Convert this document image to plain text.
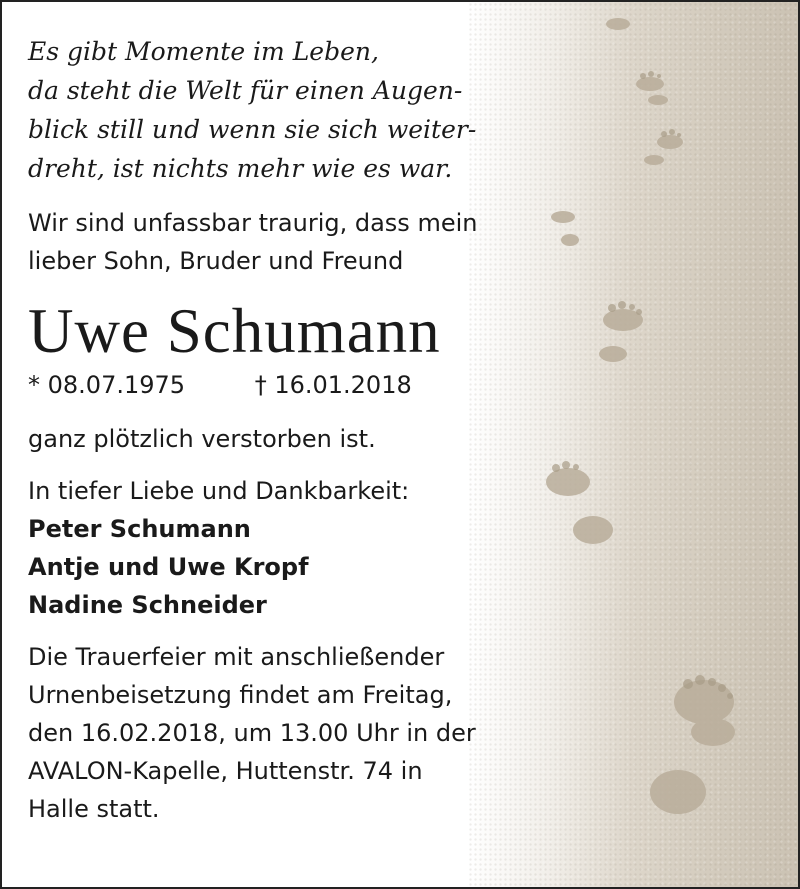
Es gibt Momente im Leben,
da steht die Welt für einen Augen-
blick still und wenn sie sich weiter-
dreht, ist nichts mehr wie es war.

Wir sind unfassbar traurig, dass mein
lieber Sohn, Bruder und Freund
Uwe Schumann
* 08.07.1975	† 16.01.2018
ganz plötzlich verstorben ist.
In tiefer Liebe und Dankbarkeit:
Peter Schumann
Antje und Uwe Kropf
Nadine Schneider
Die Trauerfeier mit anschließender
Urnenbeisetzung findet am Freitag,
den 16.02.2018, um 13.00 Uhr in der
AVALON-Kapelle, Huttenstr. 74 in
Halle statt.
